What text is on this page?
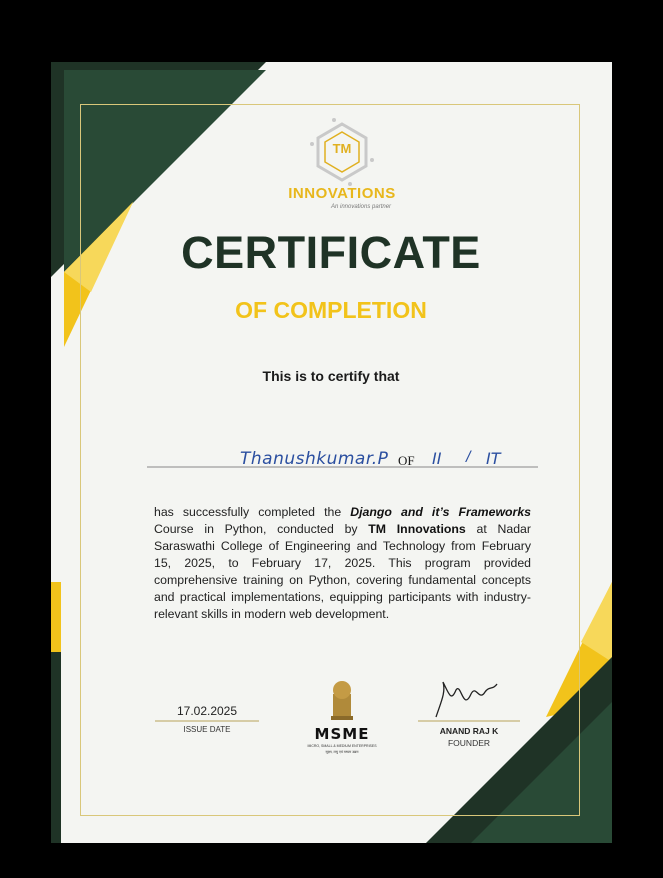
TM
INNOVATIONS
An innovations partner
CERTIFICATE
OF COMPLETION
This is to certify that
Thanushkumar.P OF II / IT
has successfully completed the Django and it’s Frameworks Course in Python, conducted by TM Innovations at Nadar Saraswathi College of Engineering and Technology from February 15, 2025, to February 17, 2025. This program provided comprehensive training on Python, covering fundamental concepts and practical implementations, equipping participants with industry-relevant skills in modern web development.
17.02.2025
ISSUE DATE	MSME
MICRO, SMALL & MEDIUM ENTERPRISES
सूक्ष्म, लघु एवं मध्यम उद्यम
ANAND RAJ K
FOUNDER
